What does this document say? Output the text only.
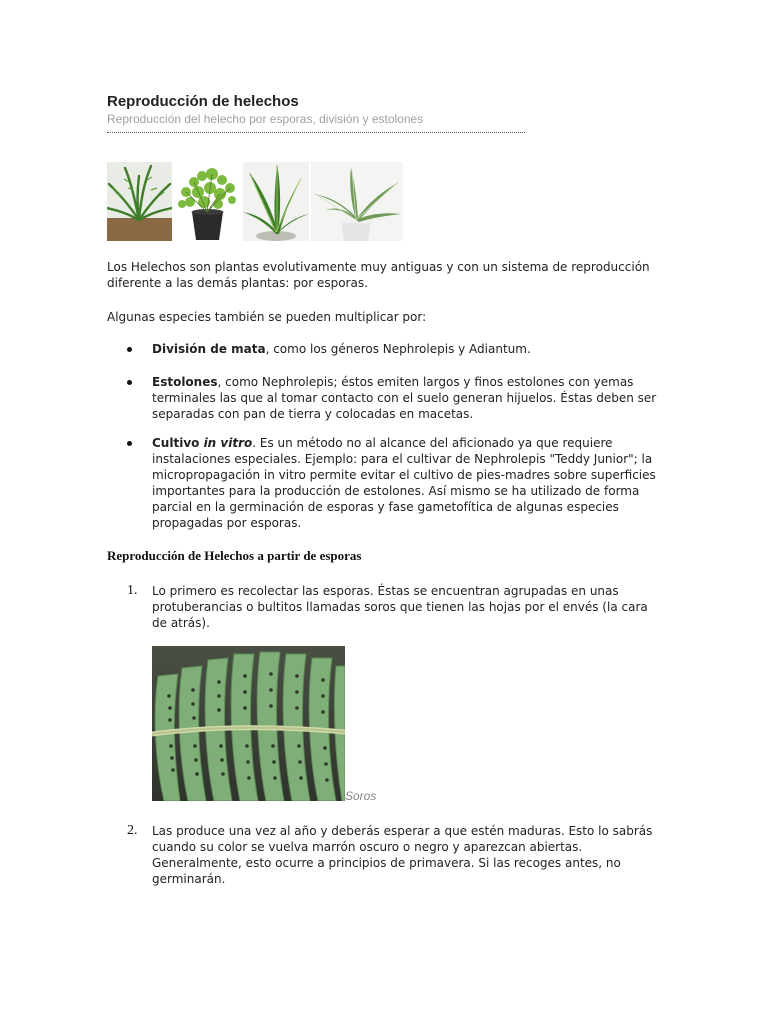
Reproducción de helechos
Reproducción del helecho por esporas, división y estolones
Los Helechos son plantas evolutivamente muy antiguas y con un sistema de reproducción diferente a las demás plantas: por esporas.
Algunas especies también se pueden multiplicar por:
División de mata, como los géneros Nephrolepis y Adiantum.
Estolones, como Nephrolepis; éstos emiten largos y finos estolones con yemas terminales las que al tomar contacto con el suelo generan hijuelos. Éstas deben ser separadas con pan de tierra y colocadas en macetas.
Cultivo in vitro. Es un método no al alcance del aficionado ya que requiere instalaciones especiales. Ejemplo: para el cultivar de Nephrolepis "Teddy Junior"; la micropropagación in vitro permite evitar el cultivo de pies-madres sobre superficies importantes para la producción de estolones. Así mismo se ha utilizado de forma parcial en la germinación de esporas y fase gametofítica de algunas especies propagadas por esporas.
Reproducción de Helechos a partir de esporas
1. Lo primero es recolectar las esporas. Éstas se encuentran agrupadas en unas protuberancias o bultitos llamadas soros que tienen las hojas por el envés (la cara de atrás).
Soros
2. Las produce una vez al año y deberás esperar a que estén maduras. Esto lo sabrás cuando su color se vuelva marrón oscuro o negro y aparezcan abiertas. Generalmente, esto ocurre a principios de primavera. Si las recoges antes, no germinarán.
